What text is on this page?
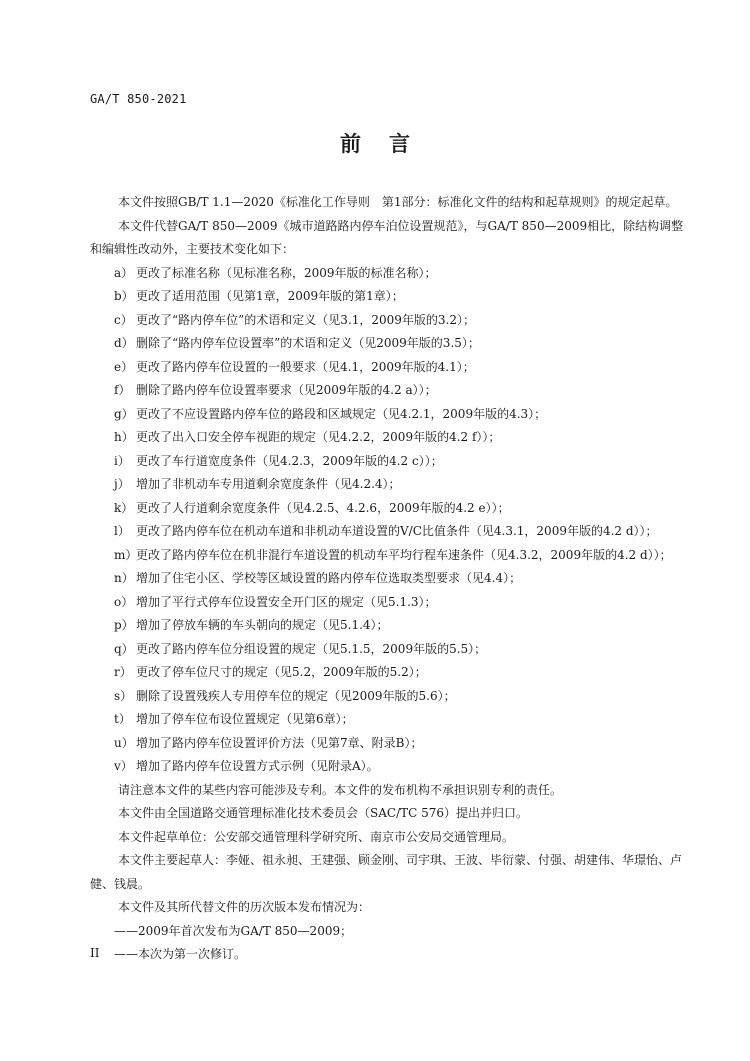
GA/T 850-2021
前言

本文件按照GB/T 1.1—2020《标准化工作导则　第1部分：标准化文件的结构和起草规则》的规定起草。

本文件代替GA/T 850—2009《城市道路路内停车泊位设置规范》，与GA/T 850—2009相比，除结构调整和编辑性改动外，主要技术变化如下：

a） 更改了标准名称（见标准名称，2009年版的标准名称）；
b） 更改了适用范围（见第1章，2009年版的第1章）；
c） 更改了“路内停车位”的术语和定义（见3.1，2009年版的3.2）；
d） 删除了“路内停车位设置率”的术语和定义（见2009年版的3.5）；
e） 更改了路内停车位设置的一般要求（见4.1，2009年版的4.1）；
f） 删除了路内停车位设置率要求（见2009年版的4.2 a））；
g） 更改了不应设置路内停车位的路段和区域规定（见4.2.1，2009年版的4.3）；
h） 更改了出入口安全停车视距的规定（见4.2.2，2009年版的4.2 f））；
i） 更改了车行道宽度条件（见4.2.3，2009年版的4.2 c））；
j） 增加了非机动车专用道剩余宽度条件（见4.2.4）；
k） 更改了人行道剩余宽度条件（见4.2.5、4.2.6，2009年版的4.2 e））；
l） 更改了路内停车位在机动车道和非机动车道设置的V/C比值条件（见4.3.1，2009年版的4.2 d））；
m）
更改了路内停车位在机非混行车道设置的机动车平均行程车速条件（见4.3.2，2009年版的4.2 d））；
n） 增加了住宅小区、学校等区域设置的路内停车位选取类型要求（见4.4）；
o） 增加了平行式停车位设置安全开门区的规定（见5.1.3）；
p） 增加了停放车辆的车头朝向的规定（见5.1.4）；
q） 更改了路内停车位分组设置的规定（见5.1.5，2009年版的5.5）；
r） 更改了停车位尺寸的规定（见5.2，2009年版的5.2）；
s） 删除了设置残疾人专用停车位的规定（见2009年版的5.6）；
t） 增加了停车位布设位置规定（见第6章）；
u） 增加了路内停车位设置评价方法（见第7章、附录B）；
v） 增加了路内停车位设置方式示例（见附录A）。

请注意本文件的某些内容可能涉及专利。本文件的发布机构不承担识别专利的责任。

本文件由全国道路交通管理标准化技术委员会（SAC/TC 576）提出并归口。

本文件起草单位：公安部交通管理科学研究所、南京市公安局交通管理局。

本文件主要起草人：李娅、祖永昶、王建强、顾金刚、司宇琪、王波、毕衍蒙、付强、胡建伟、华璟怡、卢健、钱晨。

本文件及其所代替文件的历次版本发布情况为：

——2009年首次发布为GA/T 850—2009；

——本次为第一次修订。

II
